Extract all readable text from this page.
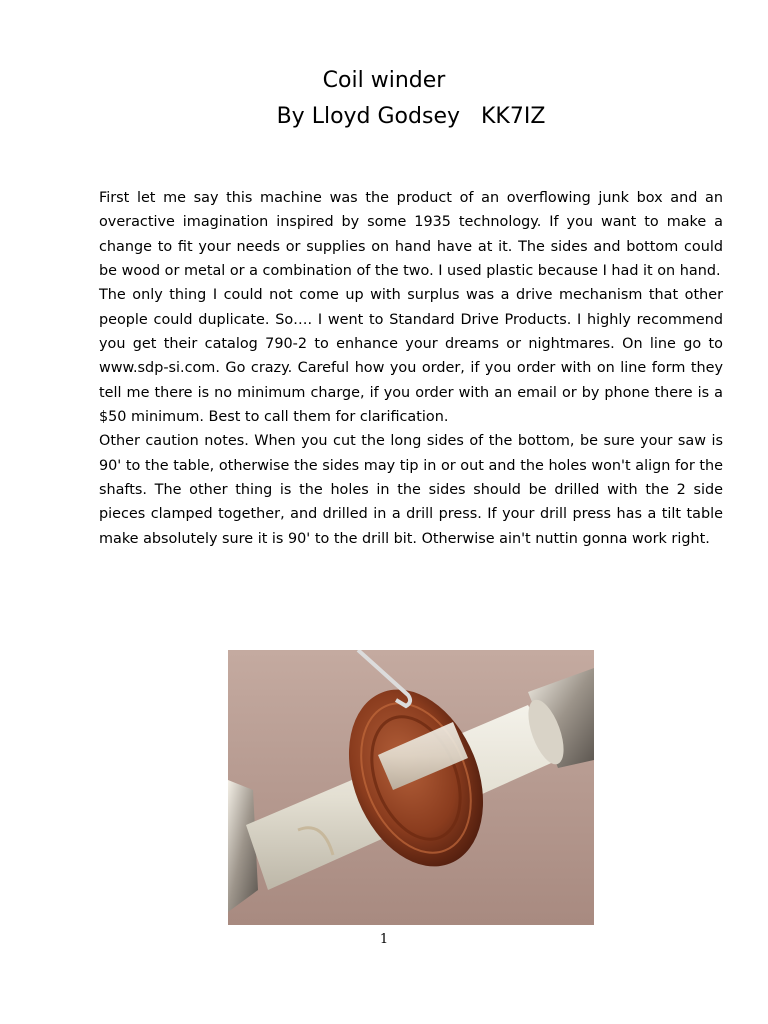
Coil winder
By Lloyd Godsey   KK7IZ

First let me say this machine was the product of an overflowing junk box and an overactive imagination inspired by some 1935 technology. If you want to make a change to fit your needs or supplies on hand have at it. The sides and bottom could be wood or metal or a combination of the two. I used plastic because I had it on hand.

The only thing I could not come up with surplus was a drive mechanism that other people could duplicate. So…. I went to Standard Drive Products. I highly recommend you get their catalog 790-2 to enhance your dreams or nightmares. On line go to www.sdp-si.com. Go crazy. Careful how you order, if you order with on line form they tell me there is no minimum charge, if you order with an email or by phone there is a $50 minimum. Best to call them for clarification.

Other caution notes. When you cut the long sides of the bottom, be sure your saw is 90' to the table, otherwise the sides may tip in or out and the holes won't align for the shafts. The other thing is the holes in the sides should be drilled with the 2 side pieces clamped together, and drilled in a drill press. If your drill press has a tilt table make absolutely sure it is 90' to the drill bit. Otherwise ain't nuttin gonna work right.

1
